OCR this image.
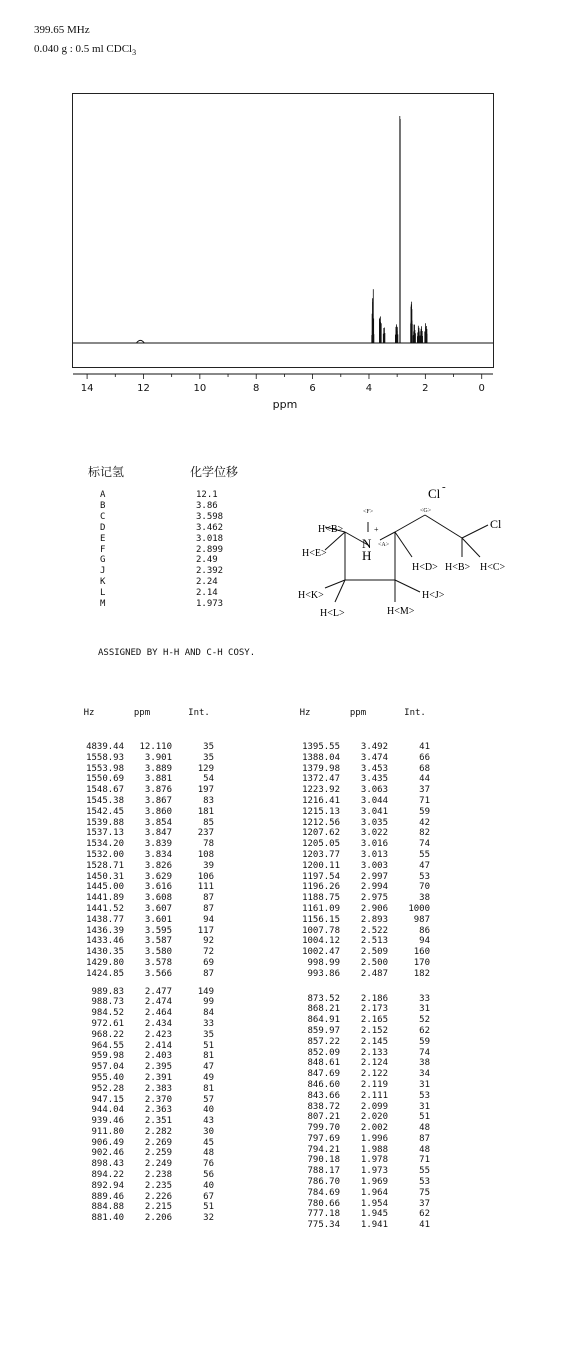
399.65 MHz
0.040 g : 0.5 ml CDCl$_3$
14	12	10	8	6	4	2	0
ppm
标记氢	化学位移
A	12.1
B	3.86
C	3.598
D	3.462
E	3.018
F	2.899
G	2.49
J	2.392
K	2.24
L	2.14
M	1.973
ASSIGNED BY H-H AND C-H COSY.
Cl -
<F>
H<B>
H<E>
N
+
<A>
H
<G>
Cl
H<D> H<B> H<C>
H<K>	H<J>
H<L>	H<M>
Hz	ppm	Int.
4839.44	12.110	35
1558.93	3.901	35
1553.98	3.889	129
1550.69	3.881	54
1548.67	3.876	197
1545.38	3.867	83
1542.45	3.860	181
1539.88	3.854	85
1537.13	3.847	237
1534.20	3.839	78
1532.00	3.834	108
1528.71	3.826	39
1450.31	3.629	106
1445.00	3.616	111
1441.89	3.608	87
1441.52	3.607	87
1438.77	3.601	94
1436.39	3.595	117
1433.46	3.587	92
1430.35	3.580	72
1429.80	3.578	69
1424.85	3.566	87
989.83	2.477	149
988.73	2.474	99
984.52	2.464	84
972.61	2.434	33
968.22	2.423	35
964.55	2.414	51
959.98	2.403	81
957.04	2.395	47
955.40	2.391	49
952.28	2.383	81
947.15	2.370	57
944.04	2.363	40
939.46	2.351	43
911.80	2.282	30
906.49	2.269	45
902.46	2.259	48
898.43	2.249	76
894.22	2.238	56
892.94	2.235	40
889.46	2.226	67
884.88	2.215	51
881.40	2.206	32
Hz	ppm	Int.
1395.55	3.492	41
1388.04	3.474	66
1379.98	3.453	68
1372.47	3.435	44
1223.92	3.063	37
1216.41	3.044	71
1215.13	3.041	59
1212.56	3.035	42
1207.62	3.022	82
1205.05	3.016	74
1203.77	3.013	55
1200.11	3.003	47
1197.54	2.997	53
1196.26	2.994	70
1188.75	2.975	38
1161.09	2.906	1000
1156.15	2.893	987
1007.78	2.522	86
1004.12	2.513	94
1002.47	2.509	160
998.99	2.500	170
993.86	2.487	182
873.52	2.186	33
868.21	2.173	31
864.91	2.165	52
859.97	2.152	62
857.22	2.145	59
852.09	2.133	74
848.61	2.124	38
847.69	2.122	34
846.60	2.119	31
843.66	2.111	53
838.72	2.099	31
807.21	2.020	51
799.70	2.002	48
797.69	1.996	87
794.21	1.988	48
790.18	1.978	71
788.17	1.973	55
786.70	1.969	53
784.69	1.964	75
780.66	1.954	37
777.18	1.945	62
775.34	1.941	41
